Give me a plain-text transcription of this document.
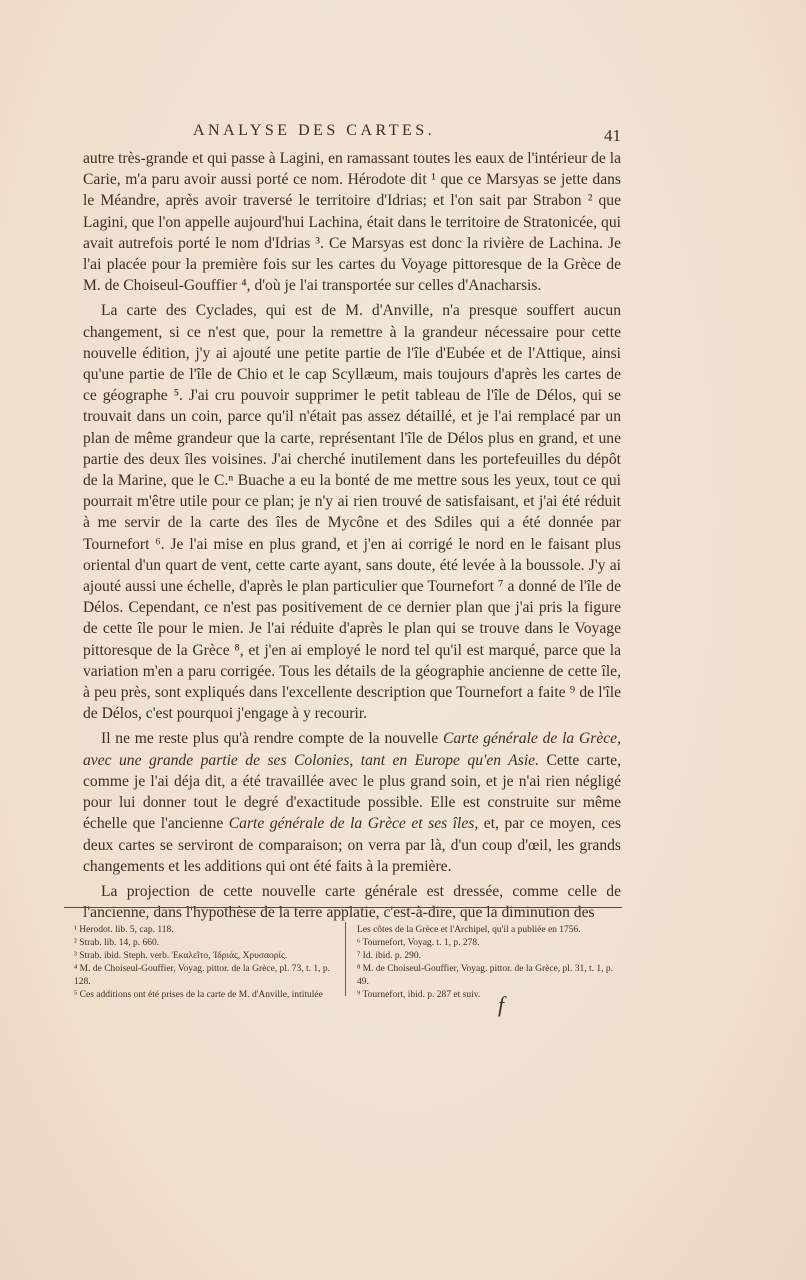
ANALYSE DES CARTES.	41

autre très-grande et qui passe à Lagini, en ramassant toutes les eaux de l'intérieur de la Carie, m'a paru avoir aussi porté ce nom. Hérodote dit ¹ que ce Marsyas se jette dans le Méandre, après avoir traversé le territoire d'Idrias; et l'on sait par Strabon ² que Lagini, que l'on appelle aujourd'hui Lachina, était dans le territoire de Stratonicée, qui avait autrefois porté le nom d'Idrias ³. Ce Marsyas est donc la rivière de Lachina. Je l'ai placée pour la première fois sur les cartes du Voyage pittoresque de la Grèce de M. de Choiseul-Gouffier ⁴, d'où je l'ai transportée sur celles d'Anacharsis.

La carte des Cyclades, qui est de M. d'Anville, n'a presque souffert aucun changement, si ce n'est que, pour la remettre à la grandeur nécessaire pour cette nouvelle édition, j'y ai ajouté une petite partie de l'île d'Eubée et de l'Attique, ainsi qu'une partie de l'île de Chio et le cap Scyllæum, mais toujours d'après les cartes de ce géographe ⁵. J'ai cru pouvoir supprimer le petit tableau de l'île de Délos, qui se trouvait dans un coin, parce qu'il n'était pas assez détaillé, et je l'ai remplacé par un plan de même grandeur que la carte, représentant l'île de Délos plus en grand, et une partie des deux îles voisines. J'ai cherché inutilement dans les portefeuilles du dépôt de la Marine, que le C.ⁿ Buache a eu la bonté de me mettre sous les yeux, tout ce qui pourrait m'être utile pour ce plan; je n'y ai rien trouvé de satisfaisant, et j'ai été réduit à me servir de la carte des îles de Mycône et des Sdiles qui a été donnée par Tournefort ⁶. Je l'ai mise en plus grand, et j'en ai corrigé le nord en le faisant plus oriental d'un quart de vent, cette carte ayant, sans doute, été levée à la boussole. J'y ai ajouté aussi une échelle, d'après le plan particulier que Tournefort ⁷ a donné de l'île de Délos. Cependant, ce n'est pas positivement de ce dernier plan que j'ai pris la figure de cette île pour le mien. Je l'ai réduite d'après le plan qui se trouve dans le Voyage pittoresque de la Grèce ⁸, et j'en ai employé le nord tel qu'il est marqué, parce que la variation m'en a paru corrigée. Tous les détails de la géographie ancienne de cette île, à peu près, sont expliqués dans l'excellente description que Tournefort a faite ⁹ de l'île de Délos, c'est pourquoi j'engage à y recourir.

Il ne me reste plus qu'à rendre compte de la nouvelle Carte générale de la Grèce, avec une grande partie de ses Colonies, tant en Europe qu'en Asie. Cette carte, comme je l'ai déja dit, a été travaillée avec le plus grand soin, et je n'ai rien négligé pour lui donner tout le degré d'exactitude possible. Elle est construite sur même échelle que l'ancienne Carte générale de la Grèce et ses îles, et, par ce moyen, ces deux cartes se serviront de comparaison; on verra par là, d'un coup d'œil, les grands changements et les additions qui ont été faits à la première.

La projection de cette nouvelle carte générale est dressée, comme celle de l'ancienne, dans l'hypothèse de la terre applatie, c'est-à-dire, que la diminution des

¹ Herodot. lib. 5, cap. 118.

² Strab. lib. 14, p. 660.

³ Strab. ibid. Steph. verb. Ἐκαλεῖτο, Ἰδριάς, Χρυσαορίς.

⁴ M. de Choiseul-Gouffier, Voyag. pittor. de la Grèce, pl. 73, t. 1, p. 128.

⁵ Ces additions ont été prises de la carte de M. d'Anville, intitulée

Les côtes de la Grèce et l'Archipel, qu'il a publiée en 1756.

⁶ Tournefort, Voyag. t. 1, p. 278.

⁷ Id. ibid. p. 290.

⁸ M. de Choiseul-Gouffier, Voyag. pittor. de la Grèce, pl. 31, t. 1, p. 49.

⁹ Tournefort, ibid. p. 287 et suiv. f
